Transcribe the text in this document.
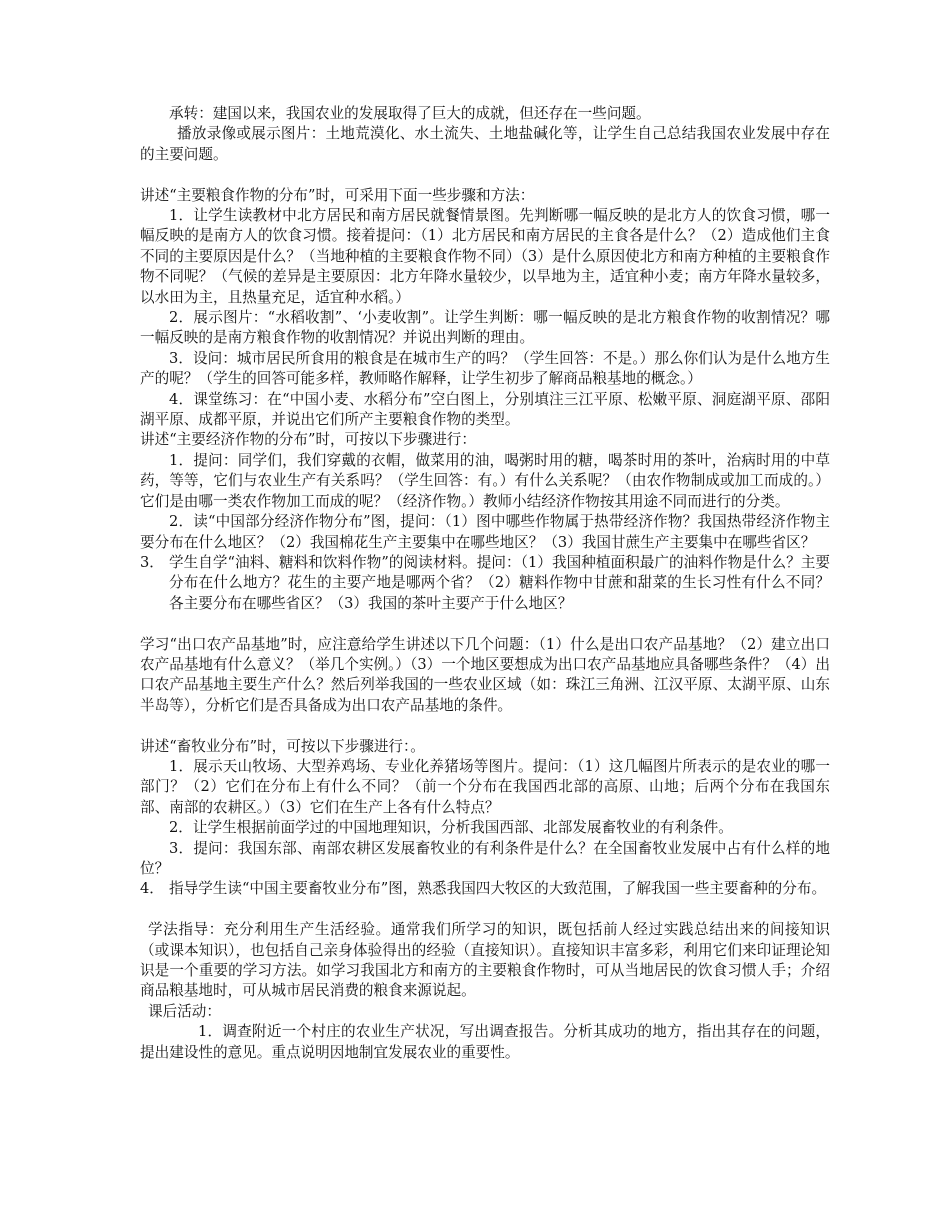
承转：建国以来，我国农业的发展取得了巨大的成就，但还存在一些问题。

播放录像或展示图片：土地荒漠化、水土流失、土地盐碱化等，让学生自己总结我国农业发展中存在的主要问题。

讲述“主要粮食作物的分布”时，可采用下面一些步骤和方法：

1．让学生读教材中北方居民和南方居民就餐情景图。先判断哪一幅反映的是北方人的饮食习惯，哪一幅反映的是南方人的饮食习惯。接着提问：（1）北方居民和南方居民的主食各是什么？（2）造成他们主食不同的主要原因是什么？（当地种植的主要粮食作物不同）（3）是什么原因使北方和南方种植的主要粮食作物不同呢？（气候的差异是主要原因：北方年降水量较少，以旱地为主，适宜种小麦；南方年降水量较多，以水田为主，且热量充足，适宜种水稻。）

2．展示图片：“水稻收割”、‘小麦收割”。让学生判断：哪一幅反映的是北方粮食作物的收割情况？哪一幅反映的是南方粮食作物的收割情况？并说出判断的理由。

3．设问：城市居民所食用的粮食是在城市生产的吗？（学生回答：不是。）那么你们认为是什么地方生产的呢？（学生的回答可能多样，教师略作解释，让学生初步了解商品粮基地的概念。）

4．课堂练习：在“中国小麦、水稻分布”空白图上，分别填注三江平原、松嫩平原、洞庭湖平原、邵阳湖平原、成都平原，并说出它们所产主要粮食作物的类型。

讲述“主要经济作物的分布”时，可按以下步骤进行：

1．提问：同学们，我们穿戴的衣帽，做菜用的油，喝粥时用的糖，喝茶时用的茶叶，治病时用的中草药，等等，它们与农业生产有关系吗？（学生回答：有。）有什么关系呢？（由农作物制成或加工而成的。）它们是由哪一类农作物加工而成的呢？（经济作物。）教师小结经济作物按其用途不同而进行的分类。

2．读“中国部分经济作物分布”图，提问：（1）图中哪些作物属于热带经济作物？我国热带经济作物主要分布在什么地区？（2）我国棉花生产主要集中在哪些地区？（3）我国甘蔗生产主要集中在哪些省区？

3． 学生自学“油料、糖料和饮料作物”的阅读材料。提问：（1）我国种植面积最广的油料作物是什么？主要分布在什么地方？花生的主要产地是哪两个省？（2）糖料作物中甘蔗和甜菜的生长习性有什么不同？各主要分布在哪些省区？（3）我国的茶叶主要产于什么地区？

学习“出口农产品基地”时，应注意给学生讲述以下几个问题：（1）什么是出口农产品基地？（2）建立出口农产品基地有什么意义？（举几个实例。）（3）一个地区要想成为出口农产品基地应具备哪些条件？（4）出口农产品基地主要生产什么？然后列举我国的一些农业区域（如：珠江三角洲、江汉平原、太湖平原、山东半岛等），分析它们是否具备成为出口农产品基地的条件。

讲述“畜牧业分布”时，可按以下步骤进行：。

1．展示天山牧场、大型养鸡场、专业化养猪场等图片。提问：（1）这几幅图片所表示的是农业的哪一部门？（2）它们在分布上有什么不同？（前一个分布在我国西北部的高原、山地；后两个分布在我国东部、南部的农耕区。）（3）它们在生产上各有什么特点？

2．让学生根据前面学过的中国地理知识，分析我国西部、北部发展畜牧业的有利条件。

3．提问：我国东部、南部农耕区发展畜牧业的有利条件是什么？在全国畜牧业发展中占有什么样的地位？

4． 指导学生读“中国主要畜牧业分布”图，熟悉我国四大牧区的大致范围，了解我国一些主要畜种的分布。

学法指导：充分利用生产生活经验。通常我们所学习的知识，既包括前人经过实践总结出来的间接知识（或课本知识），也包括自己亲身体验得出的经验（直接知识）。直接知识丰富多彩，利用它们来印证理论知识是一个重要的学习方法。如学习我国北方和南方的主要粮食作物时，可从当地居民的饮食习惯人手；介绍商品粮基地时，可从城市居民消费的粮食来源说起。

课后活动：

1．调查附近一个村庄的农业生产状况，写出调查报告。分析其成功的地方，指出其存在的问题，提出建设性的意见。重点说明因地制宜发展农业的重要性。
